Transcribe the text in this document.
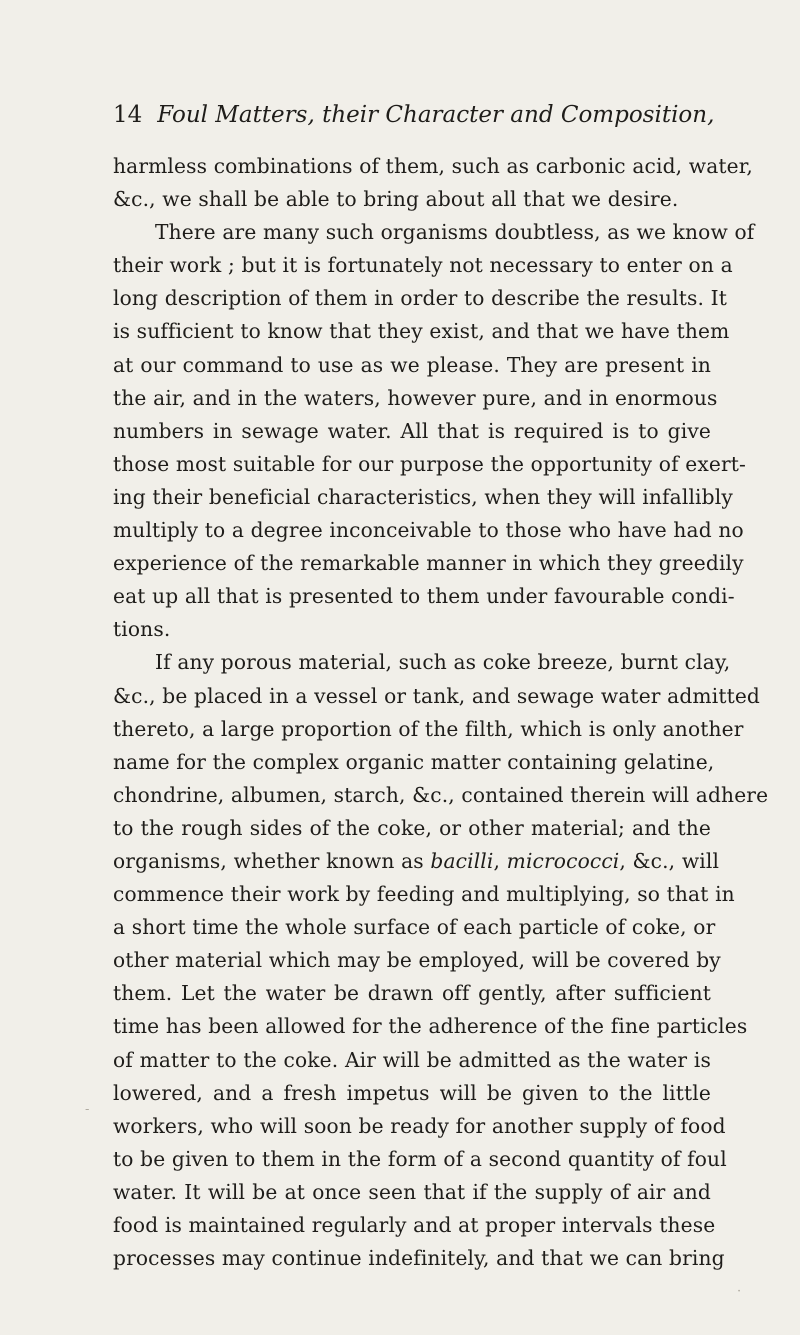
14 Foul Matters, their Character and Composition,
harmless combinations of them, such as carbonic acid, water,
&c., we shall be able to bring about all that we desire.
There are many such organisms doubtless, as we know of
their work ; but it is fortunately not necessary to enter on a
long description of them in order to describe the results. It
is sufficient to know that they exist, and that we have them
at our command to use as we please. They are present in
the air, and in the waters, however pure, and in enormous
numbers in sewage water. All that is required is to give
those most suitable for our purpose the opportunity of exert-
ing their beneficial characteristics, when they will infallibly
multiply to a degree inconceivable to those who have had no
experience of the remarkable manner in which they greedily
eat up all that is presented to them under favourable condi-
tions.
If any porous material, such as coke breeze, burnt clay,
&c., be placed in a vessel or tank, and sewage water admitted
thereto, a large proportion of the filth, which is only another
name for the complex organic matter containing gelatine,
chondrine, albumen, starch, &c., contained therein will adhere
to the rough sides of the coke, or other material; and the
organisms, whether known as bacilli, micrococci, &c., will
commence their work by feeding and multiplying, so that in
a short time the whole surface of each particle of coke, or
other material which may be employed, will be covered by
them. Let the water be drawn off gently, after sufficient
time has been allowed for the adherence of the fine particles
of matter to the coke. Air will be admitted as the water is
lowered, and a fresh impetus will be given to the little
workers, who will soon be ready for another supply of food
to be given to them in the form of a second quantity of foul
water. It will be at once seen that if the supply of air and
food is maintained regularly and at proper intervals these
processes may continue indefinitely, and that we can bring
-
·
